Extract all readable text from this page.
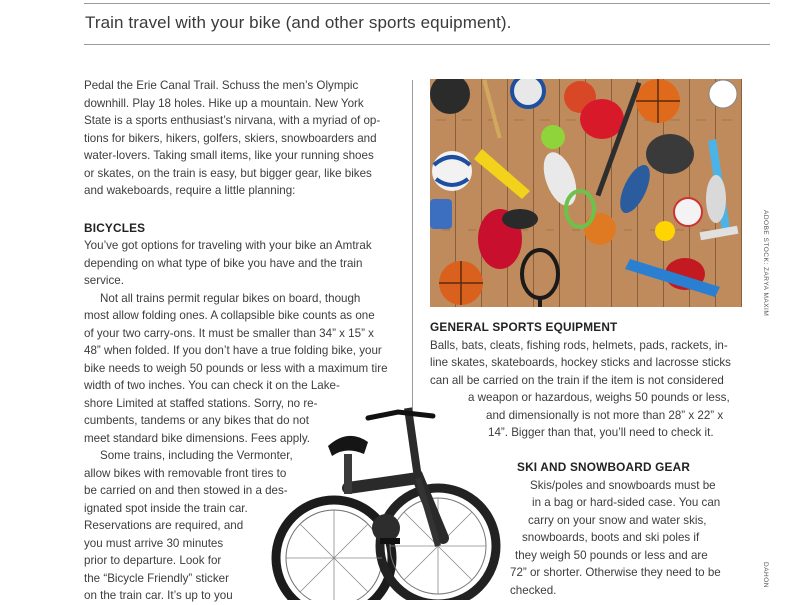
Train travel with your bike (and other sports equipment).

Pedal the Erie Canal Trail. Schuss the men’s Olympic
downhill. Play 18 holes. Hike up a mountain. New York
State is a sports enthusiast’s nirvana, with a myriad of op-
tions for bikers, hikers, golfers, skiers, snowboarders and
water-lovers. Taking small items, like your running shoes
or skates, on the train is easy, but bigger gear, like bikes
and wakeboards, require a little planning:

BICYCLES

You’ve got options for traveling with your bike an Amtrak
depending on what type of bike you have and the train
service.

Not all trains permit regular bikes on board, though
most allow folding ones. A collapsible bike counts as one
of your two carry-ons. It must be smaller than 34” x 15” x
48” when folded. If you don’t have a true folding bike, your
bike needs to weigh 50 pounds or less with a maximum tire
width of two inches. You can check it on the Lake-
shore Limited at staffed stations. Sorry, no re-
cumbents, tandems or any bikes that do not
meet standard bike dimensions. Fees apply.

Some trains, including the Vermonter,
allow bikes with removable front tires to
be carried on and then stowed in a des-
ignated spot inside the train car.
Reservations are required, and
you must arrive 30 minutes
prior to departure. Look for
the “Bicycle Friendly” sticker
on the train car. It’s up to you

GENERAL SPORTS EQUIPMENT
Balls, bats, cleats, fishing rods, helmets, pads, rackets, in-
line skates, skateboards, hockey sticks and lacrosse sticks
can all be carried on the train if the item is not considered
a weapon or hazardous, weighs 50 pounds or less,
and dimensionally is not more than 28” x 22” x
14”. Bigger than that, you’ll need to check it.
SKI AND SNOWBOARD GEAR
Skis/poles and snowboards must be
in a bag or hard-sided case. You can
carry on your snow and water skis,
snowboards, boots and ski poles if
they weigh 50 pounds or less and are
72” or shorter. Otherwise they need to be
checked.
ADOBE STOCK: ZARYA MAXIM
DAHON
